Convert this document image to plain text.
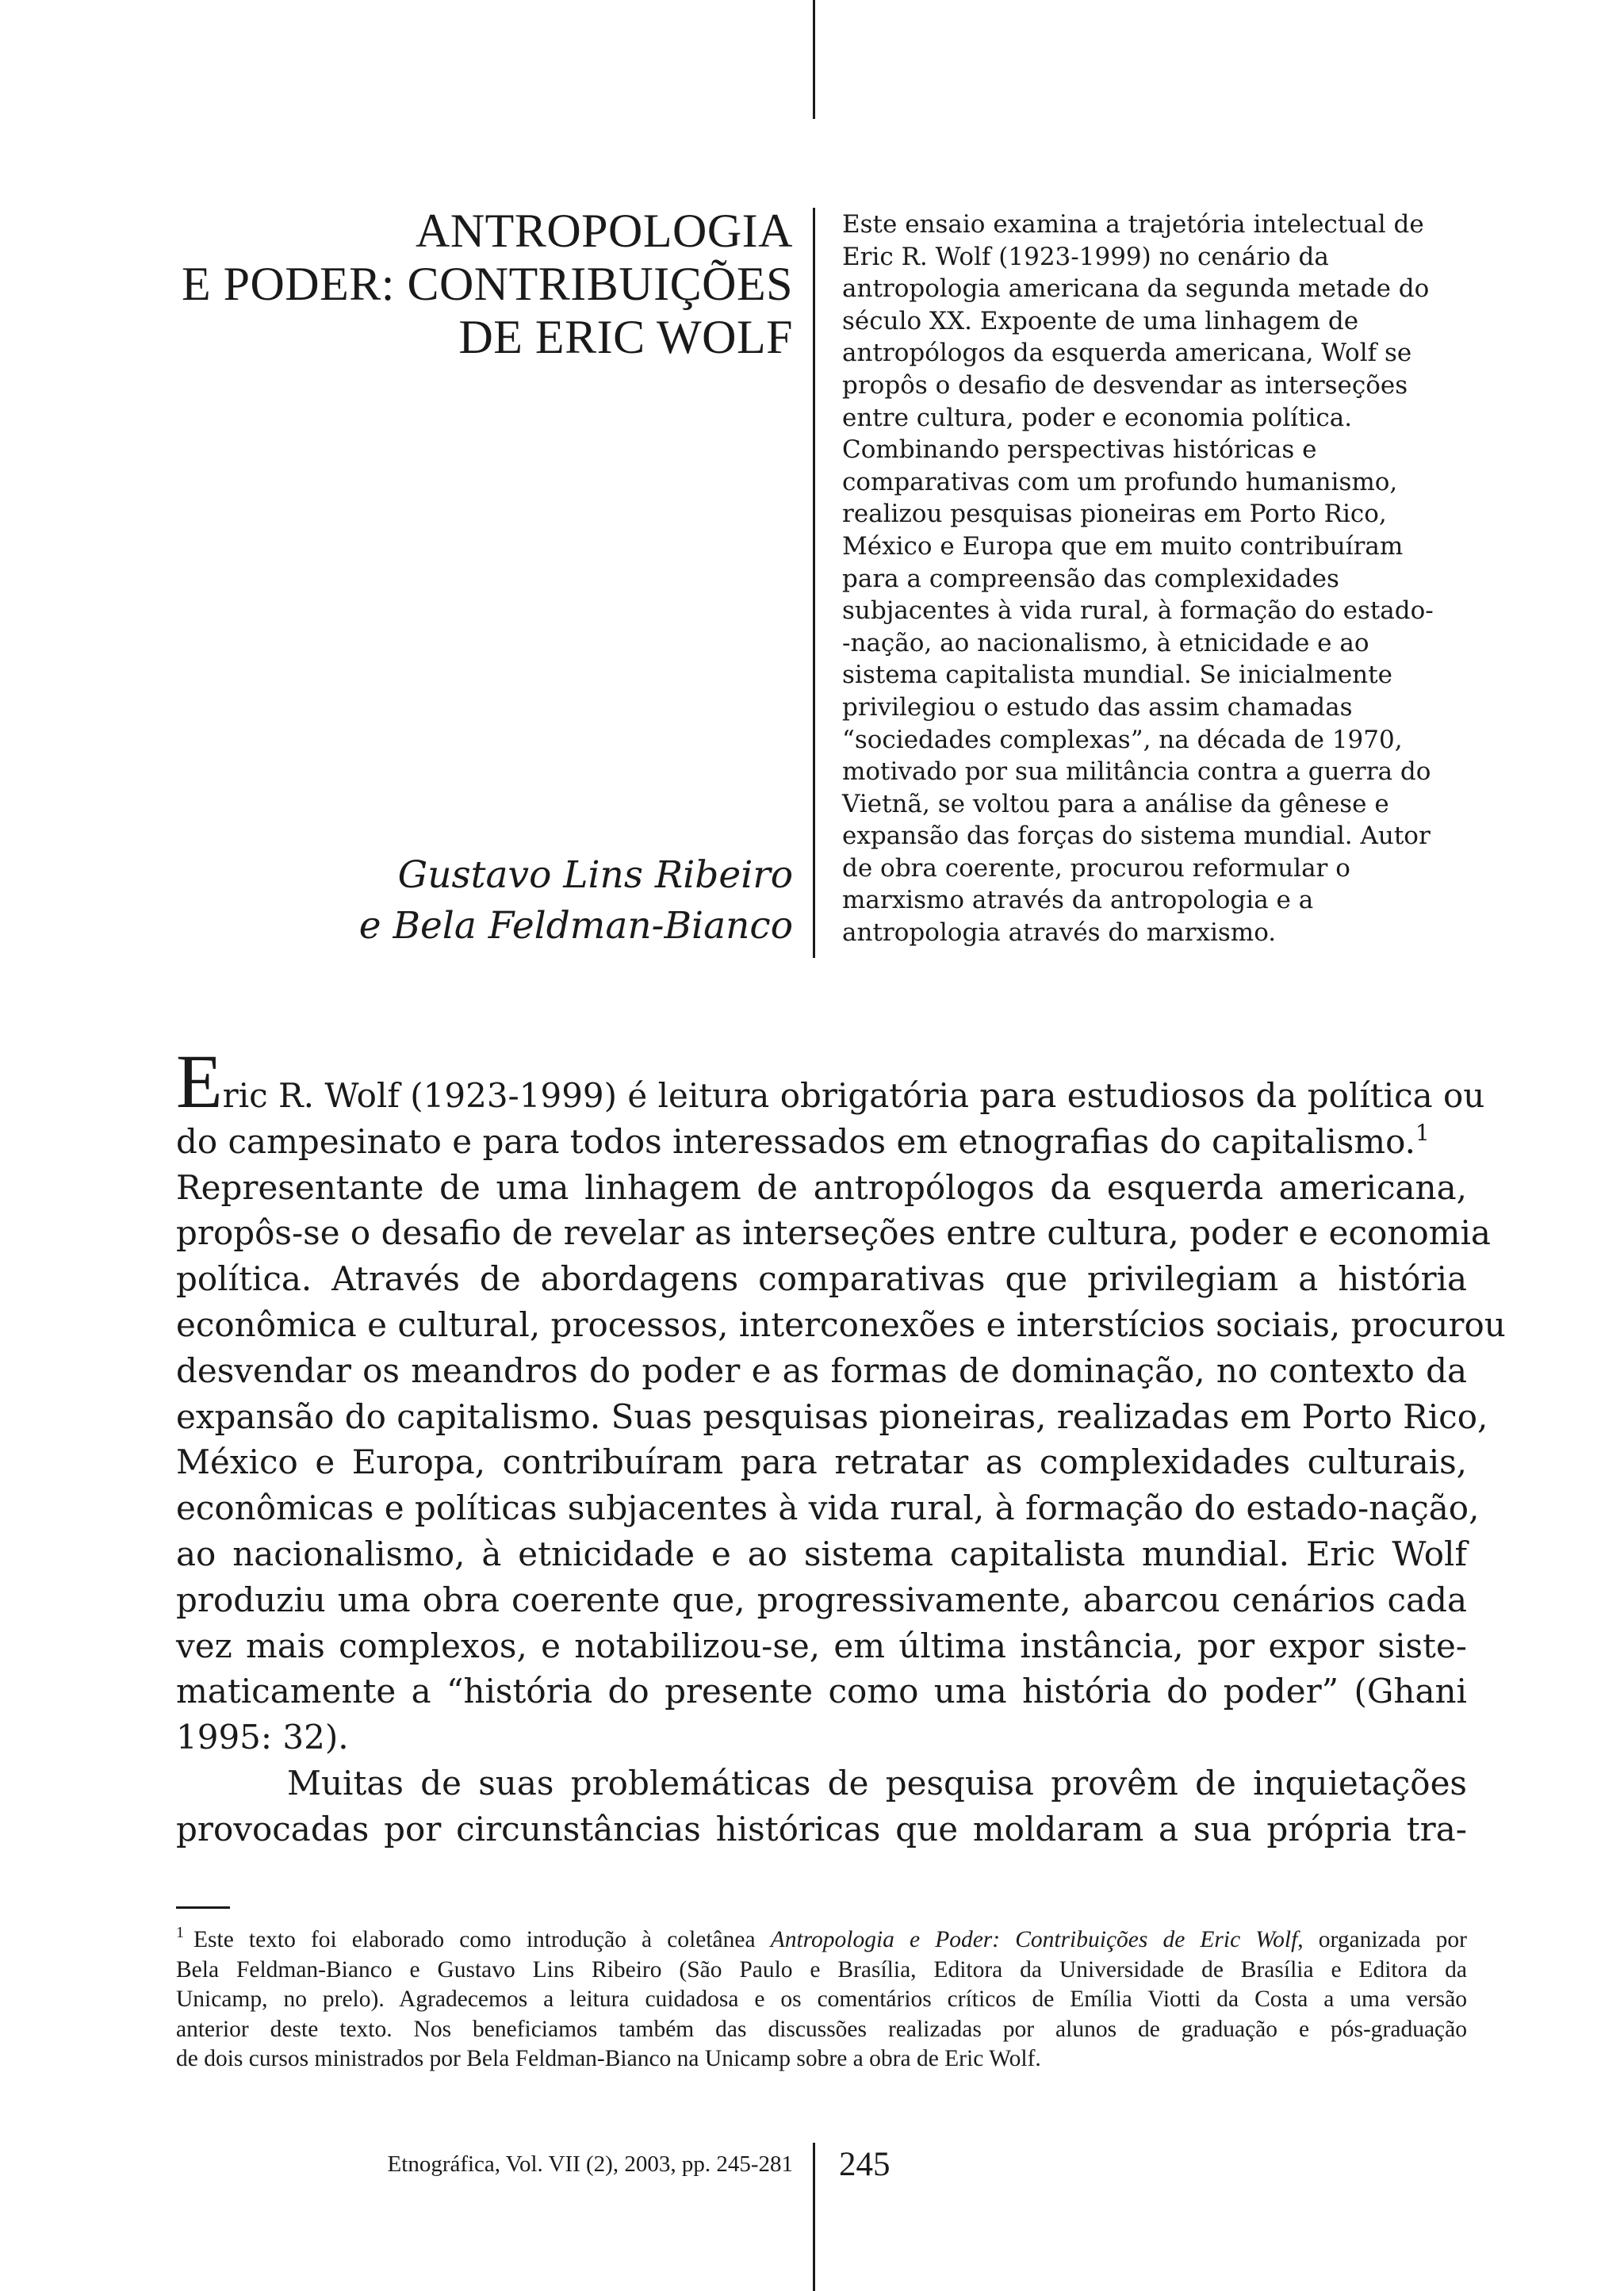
ANTROPOLOGIA
E PODER: CONTRIBUIÇÕES
DE ERIC WOLF
Gustavo Lins Ribeiro
e Bela Feldman-Bianco
Este ensaio examina a trajetória intelectual de
Eric R. Wolf (1923-1999) no cenário da
antropologia americana da segunda metade do
século XX. Expoente de uma linhagem de
antropólogos da esquerda americana, Wolf se
propôs o desafio de desvendar as interseções
entre cultura, poder e economia política.
Combinando perspectivas históricas e
comparativas com um profundo humanismo,
realizou pesquisas pioneiras em Porto Rico,
México e Europa que em muito contribuíram
para a compreensão das complexidades
subjacentes à vida rural, à formação do estado-
-nação, ao nacionalismo, à etnicidade e ao
sistema capitalista mundial. Se inicialmente
privilegiou o estudo das assim chamadas
“sociedades complexas”, na década de 1970,
motivado por sua militância contra a guerra do
Vietnã, se voltou para a análise da gênese e
expansão das forças do sistema mundial. Autor
de obra coerente, procurou reformular o
marxismo através da antropologia e a
antropologia através do marxismo.
Eric R. Wolf (1923-1999) é leitura obrigatória para estudiosos da política ou
do campesinato e para todos interessados em etnografias do capitalismo.$^1$
Representante de uma linhagem de antropólogos da esquerda americana,
propôs-se o desafio de revelar as interseções entre cultura, poder e economia
política. Através de abordagens comparativas que privilegiam a história
econômica e cultural, processos, interconexões e interstícios sociais, procurou
desvendar os meandros do poder e as formas de dominação, no contexto da
expansão do capitalismo. Suas pesquisas pioneiras, realizadas em Porto Rico,
México e Europa, contribuíram para retratar as complexidades culturais,
econômicas e políticas subjacentes à vida rural, à formação do estado-nação,
ao nacionalismo, à etnicidade e ao sistema capitalista mundial. Eric Wolf
produziu uma obra coerente que, progressivamente, abarcou cenários cada
vez mais complexos, e notabilizou-se, em última instância, por expor siste-
maticamente a “história do presente como uma história do poder” (Ghani
1995: 32).
Muitas de suas problemáticas de pesquisa provêm de inquietações
provocadas por circunstâncias históricas que moldaram a sua própria tra-
$^1$ Este texto foi elaborado como introdução à coletânea Antropologia e Poder: Contribuições de Eric Wolf, organizada por
Bela Feldman-Bianco e Gustavo Lins Ribeiro (São Paulo e Brasília, Editora da Universidade de Brasília e Editora da
Unicamp, no prelo). Agradecemos a leitura cuidadosa e os comentários críticos de Emília Viotti da Costa a uma versão
anterior deste texto. Nos beneficiamos também das discussões realizadas por alunos de graduação e pós-graduação
de dois cursos ministrados por Bela Feldman-Bianco na Unicamp sobre a obra de Eric Wolf.
Etnográfica, Vol. VII (2), 2003, pp. 245-281 245
